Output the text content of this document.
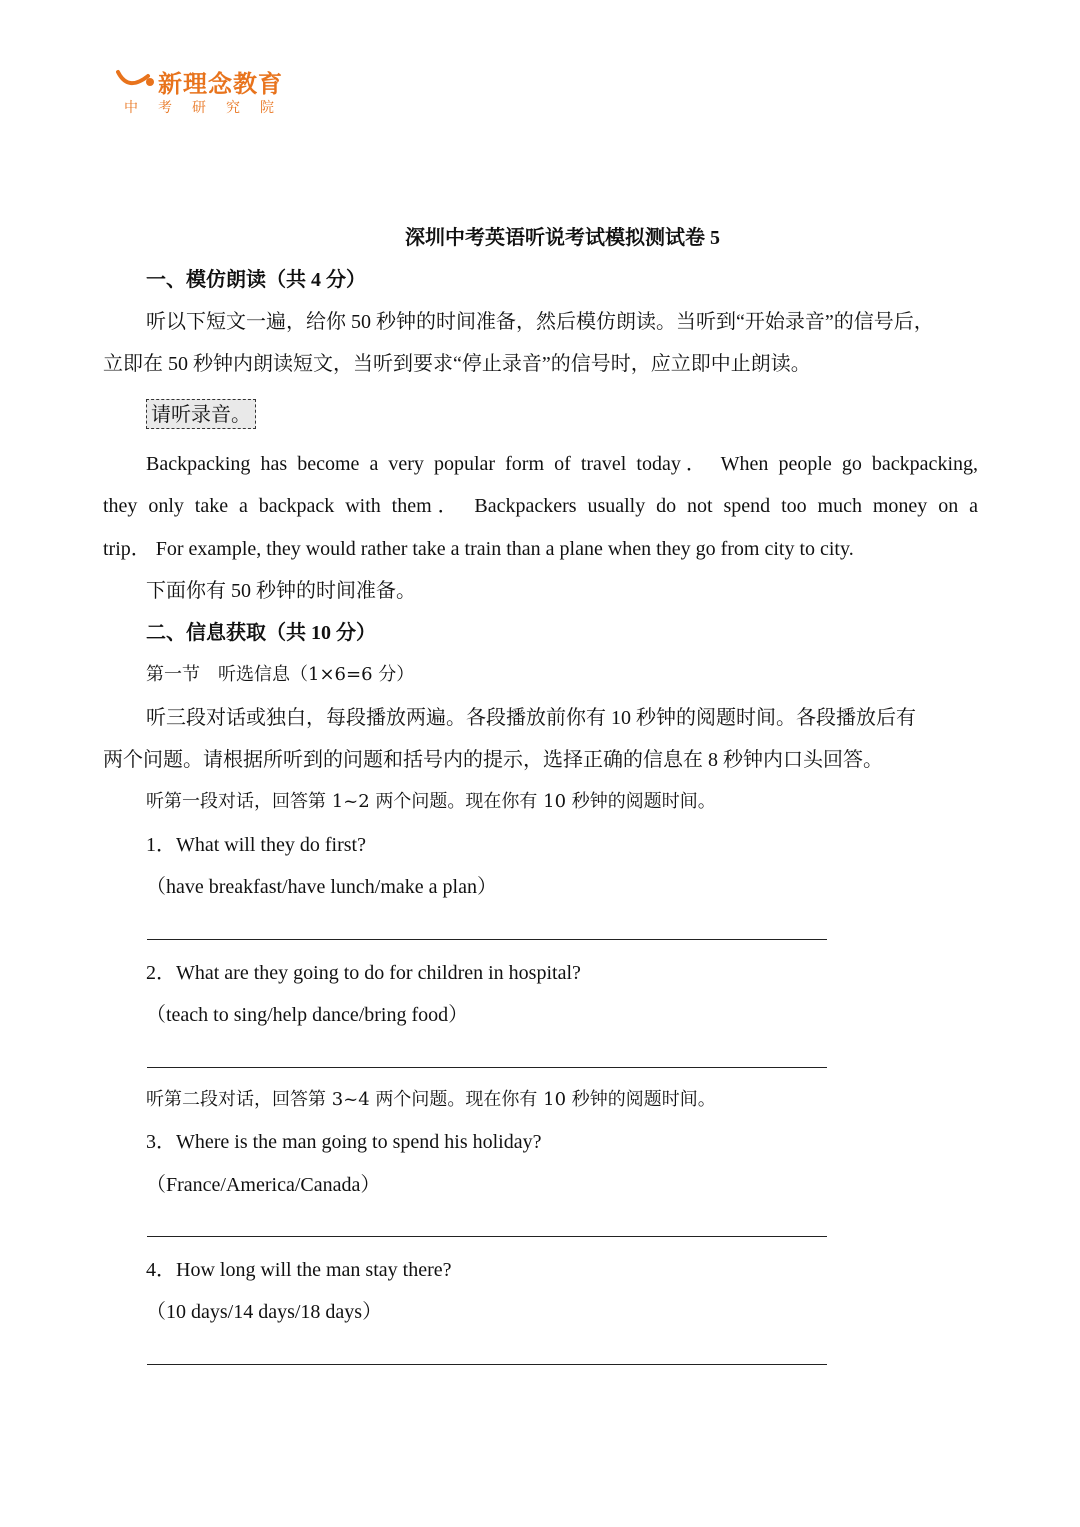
新理念教育
中考研究院
深圳中考英语听说考试模拟测试卷 5
一、模仿朗读（共 4 分）
听以下短文一遍，给你 50 秒钟的时间准备，然后模仿朗读。当听到“开始录音”的信号后，
立即在 50 秒钟内朗读短文，当听到要求“停止录音”的信号时，应立即中止朗读。
请听录音。
Backpacking has become a very popular form of travel today． When people go backpacking,
they only take a backpack with them． Backpackers usually do not spend too much money on a
trip． For example, they would rather take a train than a plane when they go from city to city.
下面你有 50 秒钟的时间准备。
二、信息获取（共 10 分）
第一节　听选信息（1×6=6 分）
听三段对话或独白，每段播放两遍。各段播放前你有 10 秒钟的阅题时间。各段播放后有
两个问题。请根据所听到的问题和括号内的提示，选择正确的信息在 8 秒钟内口头回答。
听第一段对话，回答第 1~2 两个问题。现在你有 10 秒钟的阅题时间。
1．What will they do first?
（have breakfast/have lunch/make a plan）
2．What are they going to do for children in hospital?
（teach to sing/help dance/bring food）
听第二段对话，回答第 3~4 两个问题。现在你有 10 秒钟的阅题时间。
3．Where is the man going to spend his holiday?
（France/America/Canada）
4．How long will the man stay there?
（10 days/14 days/18 days）
